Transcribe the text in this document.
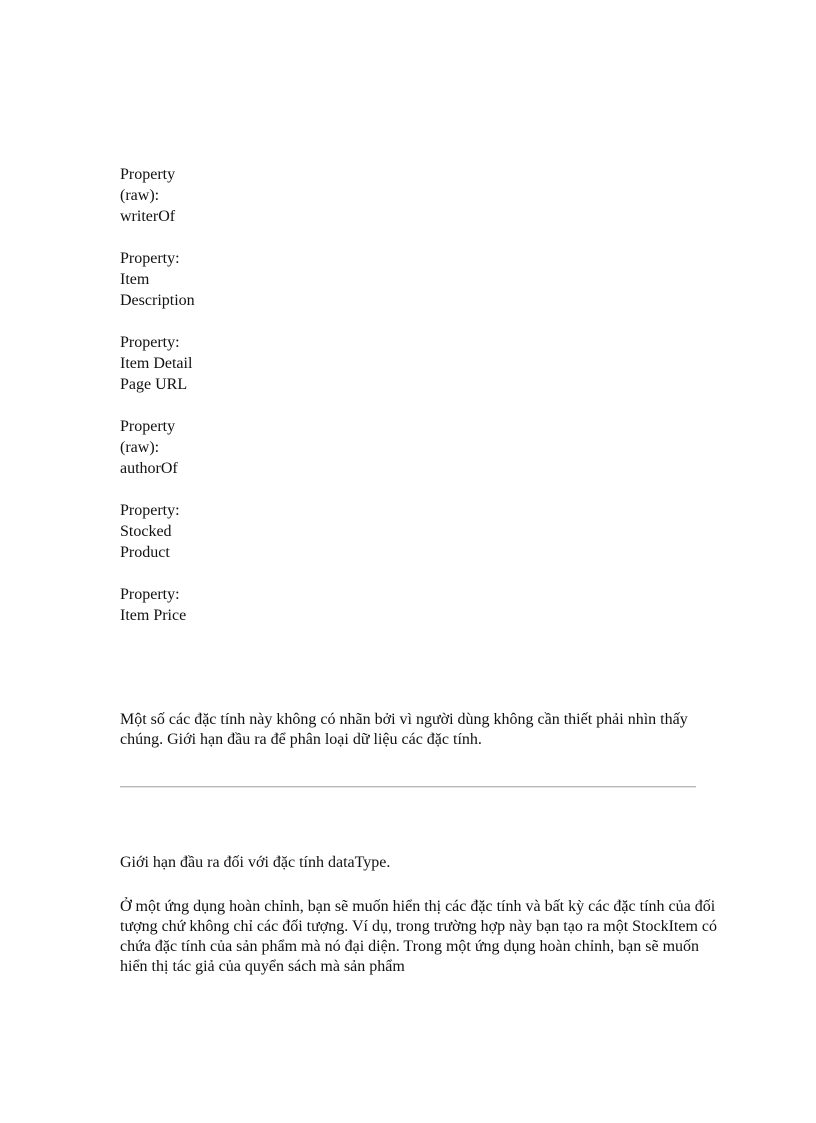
Property
(raw):
writerOf
Property:
Item
Description
Property:
Item Detail
Page URL
Property
(raw):
authorOf
Property:
Stocked
Product
Property:
Item Price

Một số các đặc tính này không có nhãn bởi vì người dùng không cần thiết phải nhìn thấy chúng. Giới hạn đầu ra để phân loại dữ liệu các đặc tính.

Giới hạn đầu ra đối với đặc tính dataType.

Ở một ứng dụng hoàn chỉnh, bạn sẽ muốn hiển thị các đặc tính và bất kỳ các đặc tính của đối tượng chứ không chỉ các đối tượng. Ví dụ, trong trường hợp này bạn tạo ra một StockItem có chứa đặc tính của sản phẩm mà nó đại diện. Trong một ứng dụng hoàn chỉnh, bạn sẽ muốn hiển thị tác giả của quyển sách mà sản phẩm
